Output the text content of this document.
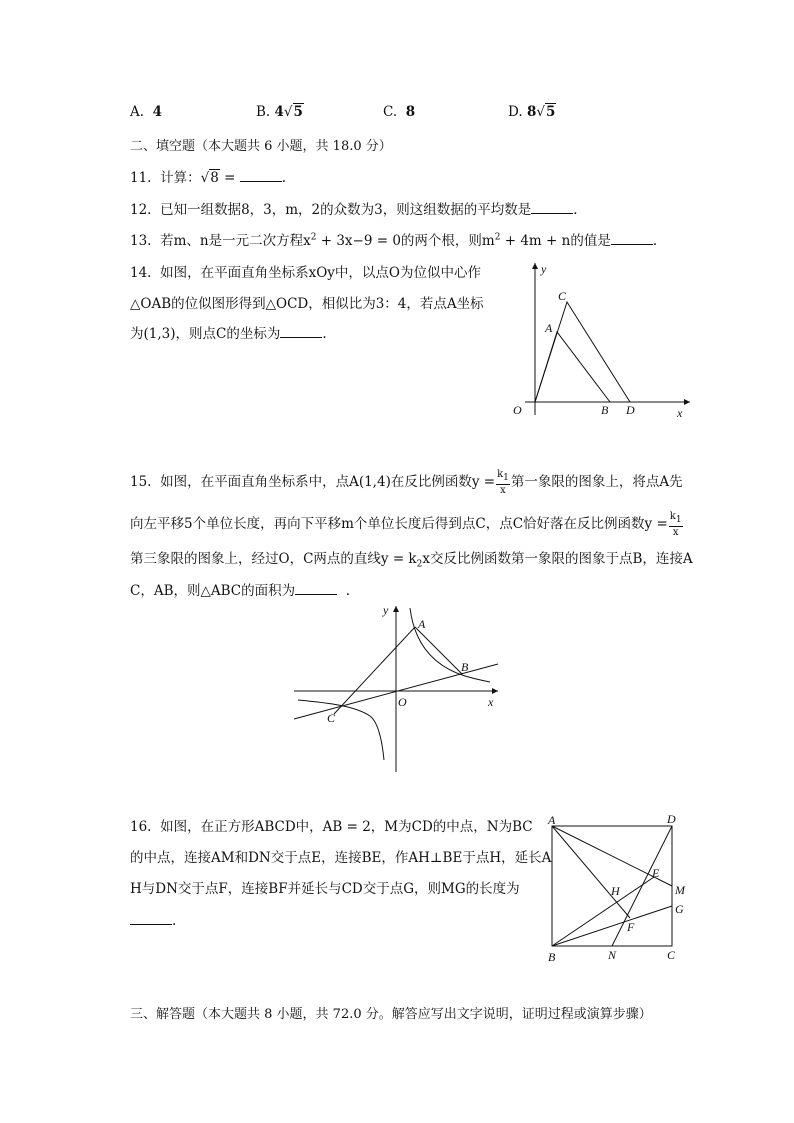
A. 4	B. 4√5	C. 8	D. 8√5
二、填空题（本大题共 6 小题，共 18.0 分）
11. 计算：√8 =	.
12. 已知一组数据8，3，m，2的众数为3，则这组数据的平均数是	.
13. 若m、n是一元二次方程$x^2 + 3x-9 = 0$的两个根，则$m^2 + 4m + n$的值是	.
14. 如图，在平面直角坐标系xOy中，以点O为位似中心作
△OAB的位似图形得到△OCD，相似比为3：4，若点A坐标
为(1,3)，则点C的坐标为	.
y
x
O
A
C
B D
15. 如图，在平面直角坐标系中，点A(1,4)在反比例函数$y = \frac{k_1}{x}$ 第一象限的图象上，将点A先
向左平移5个单位长度，再向下平移m个单位长度后得到点C，点C恰好落在反比例函数$y = \frac{k_1}{x}$
第三象限的图象上，经过O，C两点的直线$y = k_2x$交反比例函数第一象限的图象于点B，连接A
C，AB，则△ABC的面积为	.
y
x
O
A
B
C
16. 如图，在正方形ABCD中，AB = 2，M为CD的中点，N为BC
的中点，连接AM和DN交于点E，连接BE，作AH⊥BE于点H，延长A
H与DN交于点F，连接BF并延长与CD交于点G，则MG的长度为
.
A	D
B	C
N
M
G
E
H
F
三、解答题（本大题共 8 小题，共 72.0 分。解答应写出文字说明，证明过程或演算步骤）
